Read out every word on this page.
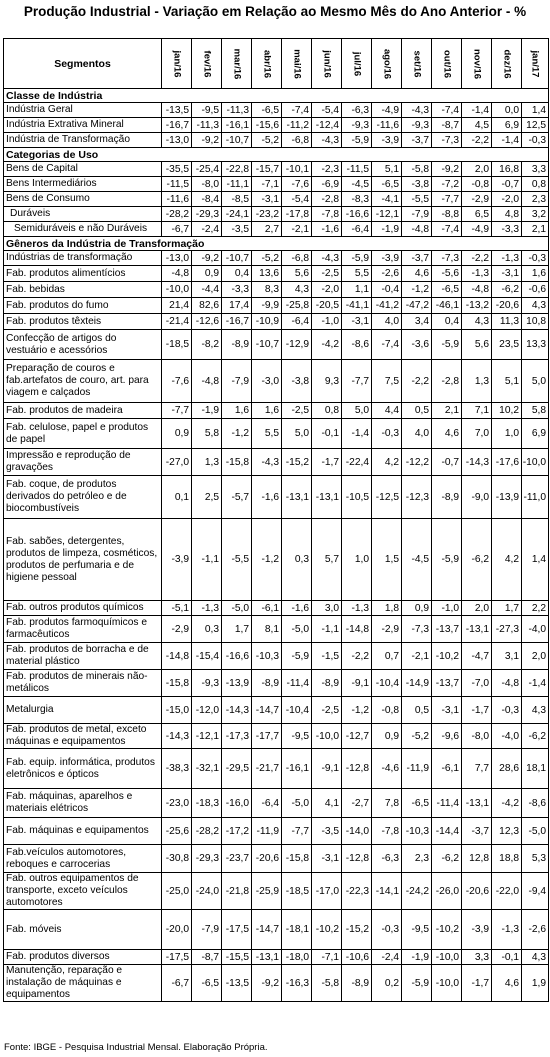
Produção Industrial - Variação em Relação ao Mesmo Mês do Ano Anterior - %
Segmentos	jan/16	fev/16	mar/16	abr/16	mai/16	jun/16	jul/16	ago/16	set/16	out/16	nov/16	dez/16	jan/17

Classe de Indústria													
Indústria Geral	-13,5	-9,5	-11,3	-6,5	-7,4	-5,4	-6,3	-4,9	-4,3	-7,4	-1,4	0,0	1,4
Indústria Extrativa Mineral	-16,7	-11,3	-16,1	-15,6	-11,2	-12,4	-9,3	-11,6	-9,3	-8,7	4,5	6,9	12,5
Indústria de Transformação	-13,0	-9,2	-10,7	-5,2	-6,8	-4,3	-5,9	-3,9	-3,7	-7,3	-2,2	-1,4	-0,3
Categorias de Uso													
Bens de Capital	-35,5	-25,4	-22,8	-15,7	-10,1	-2,3	-11,5	5,1	-5,8	-9,2	2,0	16,8	3,3
Bens Intermediários	-11,5	-8,0	-11,1	-7,1	-7,6	-6,9	-4,5	-6,5	-3,8	-7,2	-0,8	-0,7	0,8
Bens de Consumo	-11,6	-8,4	-8,5	-3,1	-5,4	-2,8	-8,3	-4,1	-5,5	-7,7	-2,9	-2,0	2,3
Duráveis	-28,2	-29,3	-24,1	-23,2	-17,8	-7,8	-16,6	-12,1	-7,9	-8,8	6,5	4,8	3,2
Semiduráveis e não Duráveis	-6,7	-2,4	-3,5	2,7	-2,1	-1,6	-6,4	-1,9	-4,8	-7,4	-4,9	-3,3	2,1
Gêneros da Indústria de Transformação													
Indústrias de transformação	-13,0	-9,2	-10,7	-5,2	-6,8	-4,3	-5,9	-3,9	-3,7	-7,3	-2,2	-1,3	-0,3
Fab. produtos alimentícios	-4,8	0,9	0,4	13,6	5,6	-2,5	5,5	-2,6	4,6	-5,6	-1,3	-3,1	1,6
Fab. bebidas	-10,0	-4,4	-3,3	8,3	4,3	-2,0	1,1	-0,4	-1,2	-6,5	-4,8	-6,2	-0,6
Fab. produtos do fumo	21,4	82,6	17,4	-9,9	-25,8	-20,5	-41,1	-41,2	-47,2	-46,1	-13,2	-20,6	4,3
Fab. produtos têxteis	-21,4	-12,6	-16,7	-10,9	-6,4	-1,0	-3,1	4,0	3,4	0,4	4,3	11,3	10,8
Confecção de artigos do vestuário e acessórios	-18,5	-8,2	-8,9	-10,7	-12,9	-4,2	-8,6	-7,4	-3,6	-5,9	5,6	23,5	13,3
Preparação de couros e fab.artefatos de couro, art. para viagem e calçados	-7,6	-4,8	-7,9	-3,0	-3,8	9,3	-7,7	7,5	-2,2	-2,8	1,3	5,1	5,0
Fab. produtos de madeira	-7,7	-1,9	1,6	1,6	-2,5	0,8	5,0	4,4	0,5	2,1	7,1	10,2	5,8
Fab. celulose, papel e produtos de papel	0,9	5,8	-1,2	5,5	5,0	-0,1	-1,4	-0,3	4,0	4,6	7,0	1,0	6,9
Impressão e reprodução de gravações	-27,0	1,3	-15,8	-4,3	-15,2	-1,7	-22,4	4,2	-12,2	-0,7	-14,3	-17,6	-10,0
Fab. coque, de produtos derivados do petróleo e de biocombustíveis	0,1	2,5	-5,7	-1,6	-13,1	-13,1	-10,5	-12,5	-12,3	-8,9	-9,0	-13,9	-11,0
Fab. sabões, detergentes, produtos de limpeza, cosméticos, produtos de perfumaria e de higiene pessoal	-3,9	-1,1	-5,5	-1,2	0,3	5,7	1,0	1,5	-4,5	-5,9	-6,2	4,2	1,4
Fab. outros produtos químicos	-5,1	-1,3	-5,0	-6,1	-1,6	3,0	-1,3	1,8	0,9	-1,0	2,0	1,7	2,2
Fab. produtos farmoquímicos e farmacêuticos	-2,9	0,3	1,7	8,1	-5,0	-1,1	-14,8	-2,9	-7,3	-13,7	-13,1	-27,3	-4,0
Fab. produtos de borracha e de material plástico	-14,8	-15,4	-16,6	-10,3	-5,9	-1,5	-2,2	0,7	-2,1	-10,2	-4,7	3,1	2,0
Fab. produtos de minerais não-metálicos	-15,8	-9,3	-13,9	-8,9	-11,4	-8,9	-9,1	-10,4	-14,9	-13,7	-7,0	-4,8	-1,4
Metalurgia	-15,0	-12,0	-14,3	-14,7	-10,4	-2,5	-1,2	-0,8	0,5	-3,1	-1,7	-0,3	4,3
Fab. produtos de metal, exceto máquinas e equipamentos	-14,3	-12,1	-17,3	-17,7	-9,5	-10,0	-12,7	0,9	-5,2	-9,6	-8,0	-4,0	-6,2
Fab. equip. informática, produtos eletrônicos e ópticos	-38,3	-32,1	-29,5	-21,7	-16,1	-9,1	-12,8	-4,6	-11,9	-6,1	7,7	28,6	18,1
Fab. máquinas, aparelhos e materiais elétricos	-23,0	-18,3	-16,0	-6,4	-5,0	4,1	-2,7	7,8	-6,5	-11,4	-13,1	-4,2	-8,6
Fab. máquinas e equipamentos	-25,6	-28,2	-17,2	-11,9	-7,7	-3,5	-14,0	-7,8	-10,3	-14,4	-3,7	12,3	-5,0
Fab.veículos automotores, reboques e carrocerias	-30,8	-29,3	-23,7	-20,6	-15,8	-3,1	-12,8	-6,3	2,3	-6,2	12,8	18,8	5,3
Fab. outros equipamentos de transporte, exceto veículos automotores	-25,0	-24,0	-21,8	-25,9	-18,5	-17,0	-22,3	-14,1	-24,2	-26,0	-20,6	-22,0	-9,4
Fab. móveis	-20,0	-7,9	-17,5	-14,7	-18,1	-10,2	-15,2	-0,3	-9,5	-10,2	-3,9	-1,3	-2,6
Fab. produtos diversos	-17,5	-8,7	-15,5	-13,1	-18,0	-7,1	-10,6	-2,4	-1,9	-10,0	3,3	-0,1	4,3
Manutenção, reparação e instalação de máquinas e equipamentos	-6,7	-6,5	-13,5	-9,2	-16,3	-5,8	-8,9	0,2	-5,9	-10,0	-1,7	4,6	1,9
Fonte: IBGE - Pesquisa Industrial Mensal. Elaboração Própria.
